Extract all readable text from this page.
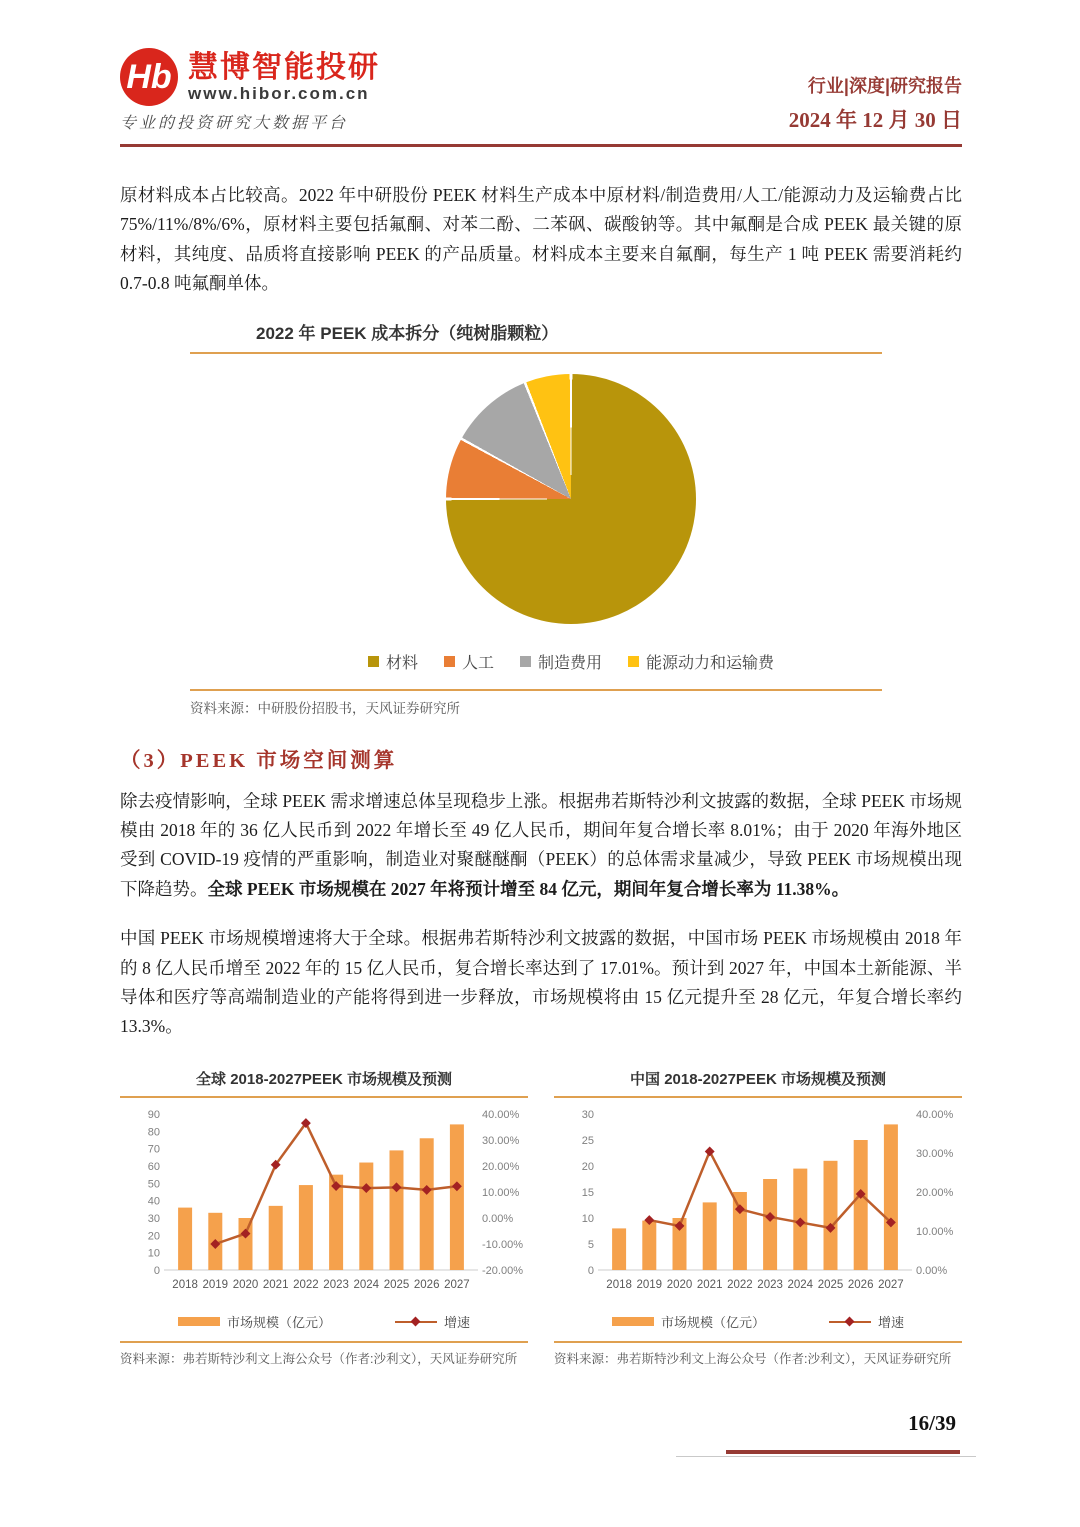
Hb 慧博智能投研
www.hibor.com.cn
专业的投资研究大数据平台
行业|深度|研究报告
2024 年 12 月 30 日

原材料成本占比较高。2022 年中研股份 PEEK 材料生产成本中原材料/制造费用/人工/能源动力及运输费占比 75%/11%/8%/6%，原材料主要包括氟酮、对苯二酚、二苯砜、碳酸钠等。其中氟酮是合成 PEEK 最关键的原材料，其纯度、品质将直接影响 PEEK 的产品质量。材料成本主要来自氟酮，每生产 1 吨 PEEK 需要消耗约 0.7-0.8 吨氟酮单体。

2022 年 PEEK 成本拆分（纯树脂颗粒）
材料	人工	制造费用	能源动力和运输费
资料来源：中研股份招股书，天风证券研究所
（3）PEEK 市场空间测算

除去疫情影响，全球 PEEK 需求增速总体呈现稳步上涨。根据弗若斯特沙利文披露的数据，全球 PEEK 市场规模由 2018 年的 36 亿人民币到 2022 年增长至 49 亿人民币，期间年复合增长率 8.01%；由于 2020 年海外地区受到 COVID-19 疫情的严重影响，制造业对聚醚醚酮（PEEK）的总体需求量减少，导致 PEEK 市场规模出现下降趋势。全球 PEEK 市场规模在 2027 年将预计增至 84 亿元，期间年复合增长率为 11.38%。

中国 PEEK 市场规模增速将大于全球。根据弗若斯特沙利文披露的数据，中国市场 PEEK 市场规模由 2018 年的 8 亿人民币增至 2022 年的 15 亿人民币，复合增长率达到了 17.01%。预计到 2027 年，中国本土新能源、半导体和医疗等高端制造业的产能将得到进一步释放，市场规模将由 15 亿元提升至 28 亿元，年复合增长率约 13.3%。

全球 2018-2027PEEK 市场规模及预测
0
10
20
30
40
50
60
70
80
90
-20.00%
-10.00%
0.00%
10.00%
20.00%
30.00%
40.00%
2018 2019 2020 2021 2022 2023 2024 2025 2026 2027
市场规模（亿元）	增速
资料来源：弗若斯特沙利文上海公众号（作者:沙利文），天风证券研究所
中国 2018-2027PEEK 市场规模及预测
0
5
10
15
20
25
30
0.00%
10.00%
20.00%
30.00%
40.00%
2018 2019 2020 2021 2022 2023 2024 2025 2026 2027
市场规模（亿元）	增速
资料来源：弗若斯特沙利文上海公众号（作者:沙利文），天风证券研究所
16/39
